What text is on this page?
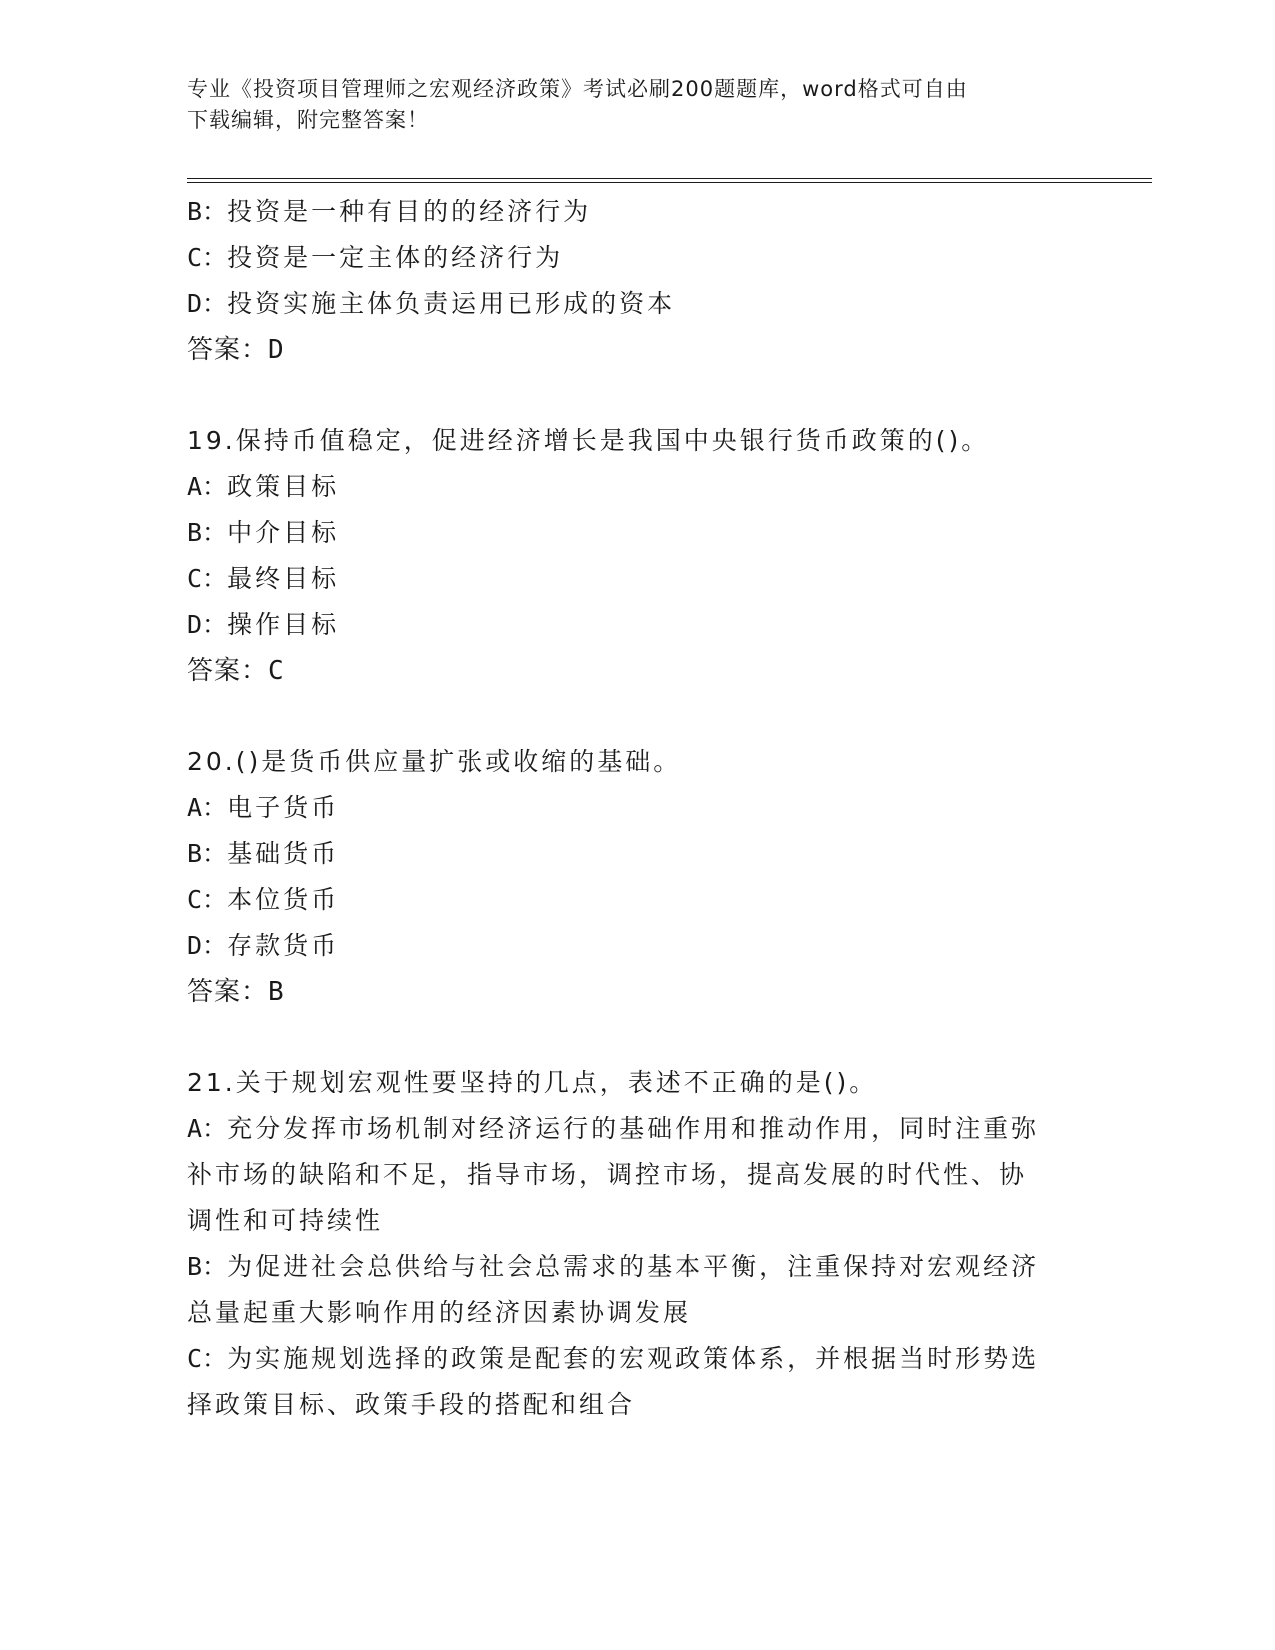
专业《投资项目管理师之宏观经济政策》考试必刷200题题库，word格式可自由
下载编辑，附完整答案！
B：投资是一种有目的的经济行为
C：投资是一定主体的经济行为
D：投资实施主体负责运用已形成的资本
答案：D
19.保持币值稳定，促进经济增长是我国中央银行货币政策的()。
A：政策目标
B：中介目标
C：最终目标
D：操作目标
答案：C
20.()是货币供应量扩张或收缩的基础。
A：电子货币
B：基础货币
C：本位货币
D：存款货币
答案：B
21.关于规划宏观性要坚持的几点，表述不正确的是()。
A：充分发挥市场机制对经济运行的基础作用和推动作用，同时注重弥
补市场的缺陷和不足，指导市场，调控市场，提高发展的时代性、协
调性和可持续性
B：为促进社会总供给与社会总需求的基本平衡，注重保持对宏观经济
总量起重大影响作用的经济因素协调发展
C：为实施规划选择的政策是配套的宏观政策体系，并根据当时形势选
择政策目标、政策手段的搭配和组合
